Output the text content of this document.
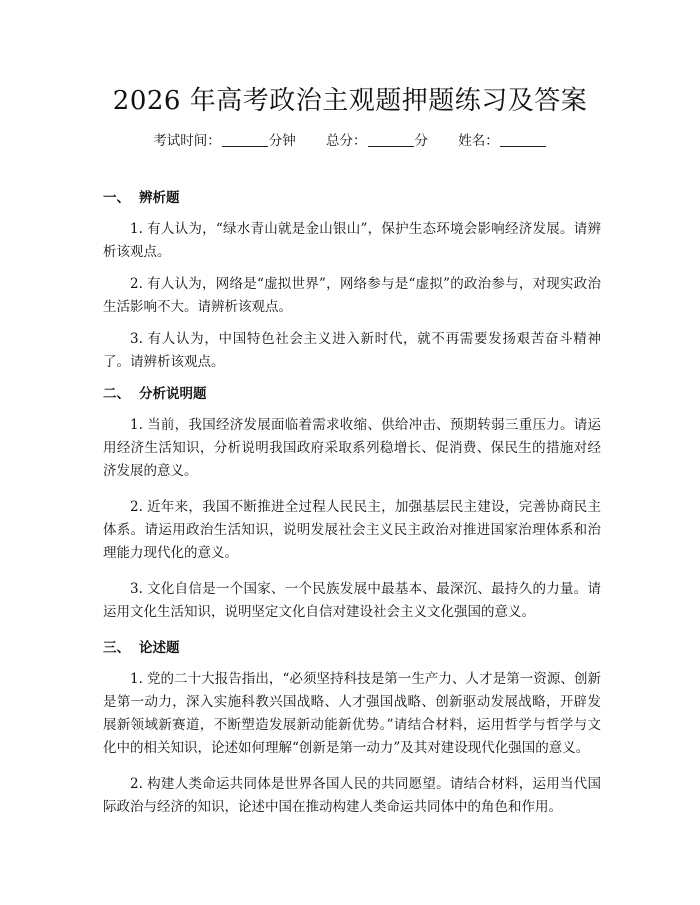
2026 年高考政治主观题押题练习及答案
考试时间：	分钟 总分：	分 姓名：
一、 辨析题

1. 有人认为，“绿水青山就是金山银山”，保护生态环境会影响经济发展。请辨析该观点。

2. 有人认为，网络是“虚拟世界”，网络参与是“虚拟”的政治参与，对现实政治生活影响不大。请辨析该观点。

3. 有人认为，中国特色社会主义进入新时代，就不再需要发扬艰苦奋斗精神了。请辨析该观点。

二、 分析说明题

1. 当前，我国经济发展面临着需求收缩、供给冲击、预期转弱三重压力。请运用经济生活知识，分析说明我国政府采取系列稳增长、促消费、保民生的措施对经济发展的意义。

2. 近年来，我国不断推进全过程人民民主，加强基层民主建设，完善协商民主体系。请运用政治生活知识，说明发展社会主义民主政治对推进国家治理体系和治理能力现代化的意义。

3. 文化自信是一个国家、一个民族发展中最基本、最深沉、最持久的力量。请运用文化生活知识，说明坚定文化自信对建设社会主义文化强国的意义。

三、 论述题

1. 党的二十大报告指出，“必须坚持科技是第一生产力、人才是第一资源、创新是第一动力，深入实施科教兴国战略、人才强国战略、创新驱动发展战略，开辟发展新领域新赛道，不断塑造发展新动能新优势。”请结合材料，运用哲学与哲学与文化中的相关知识，论述如何理解“创新是第一动力”及其对建设现代化强国的意义。

2. 构建人类命运共同体是世界各国人民的共同愿望。请结合材料，运用当代国际政治与经济的知识，论述中国在推动构建人类命运共同体中的角色和作用。
